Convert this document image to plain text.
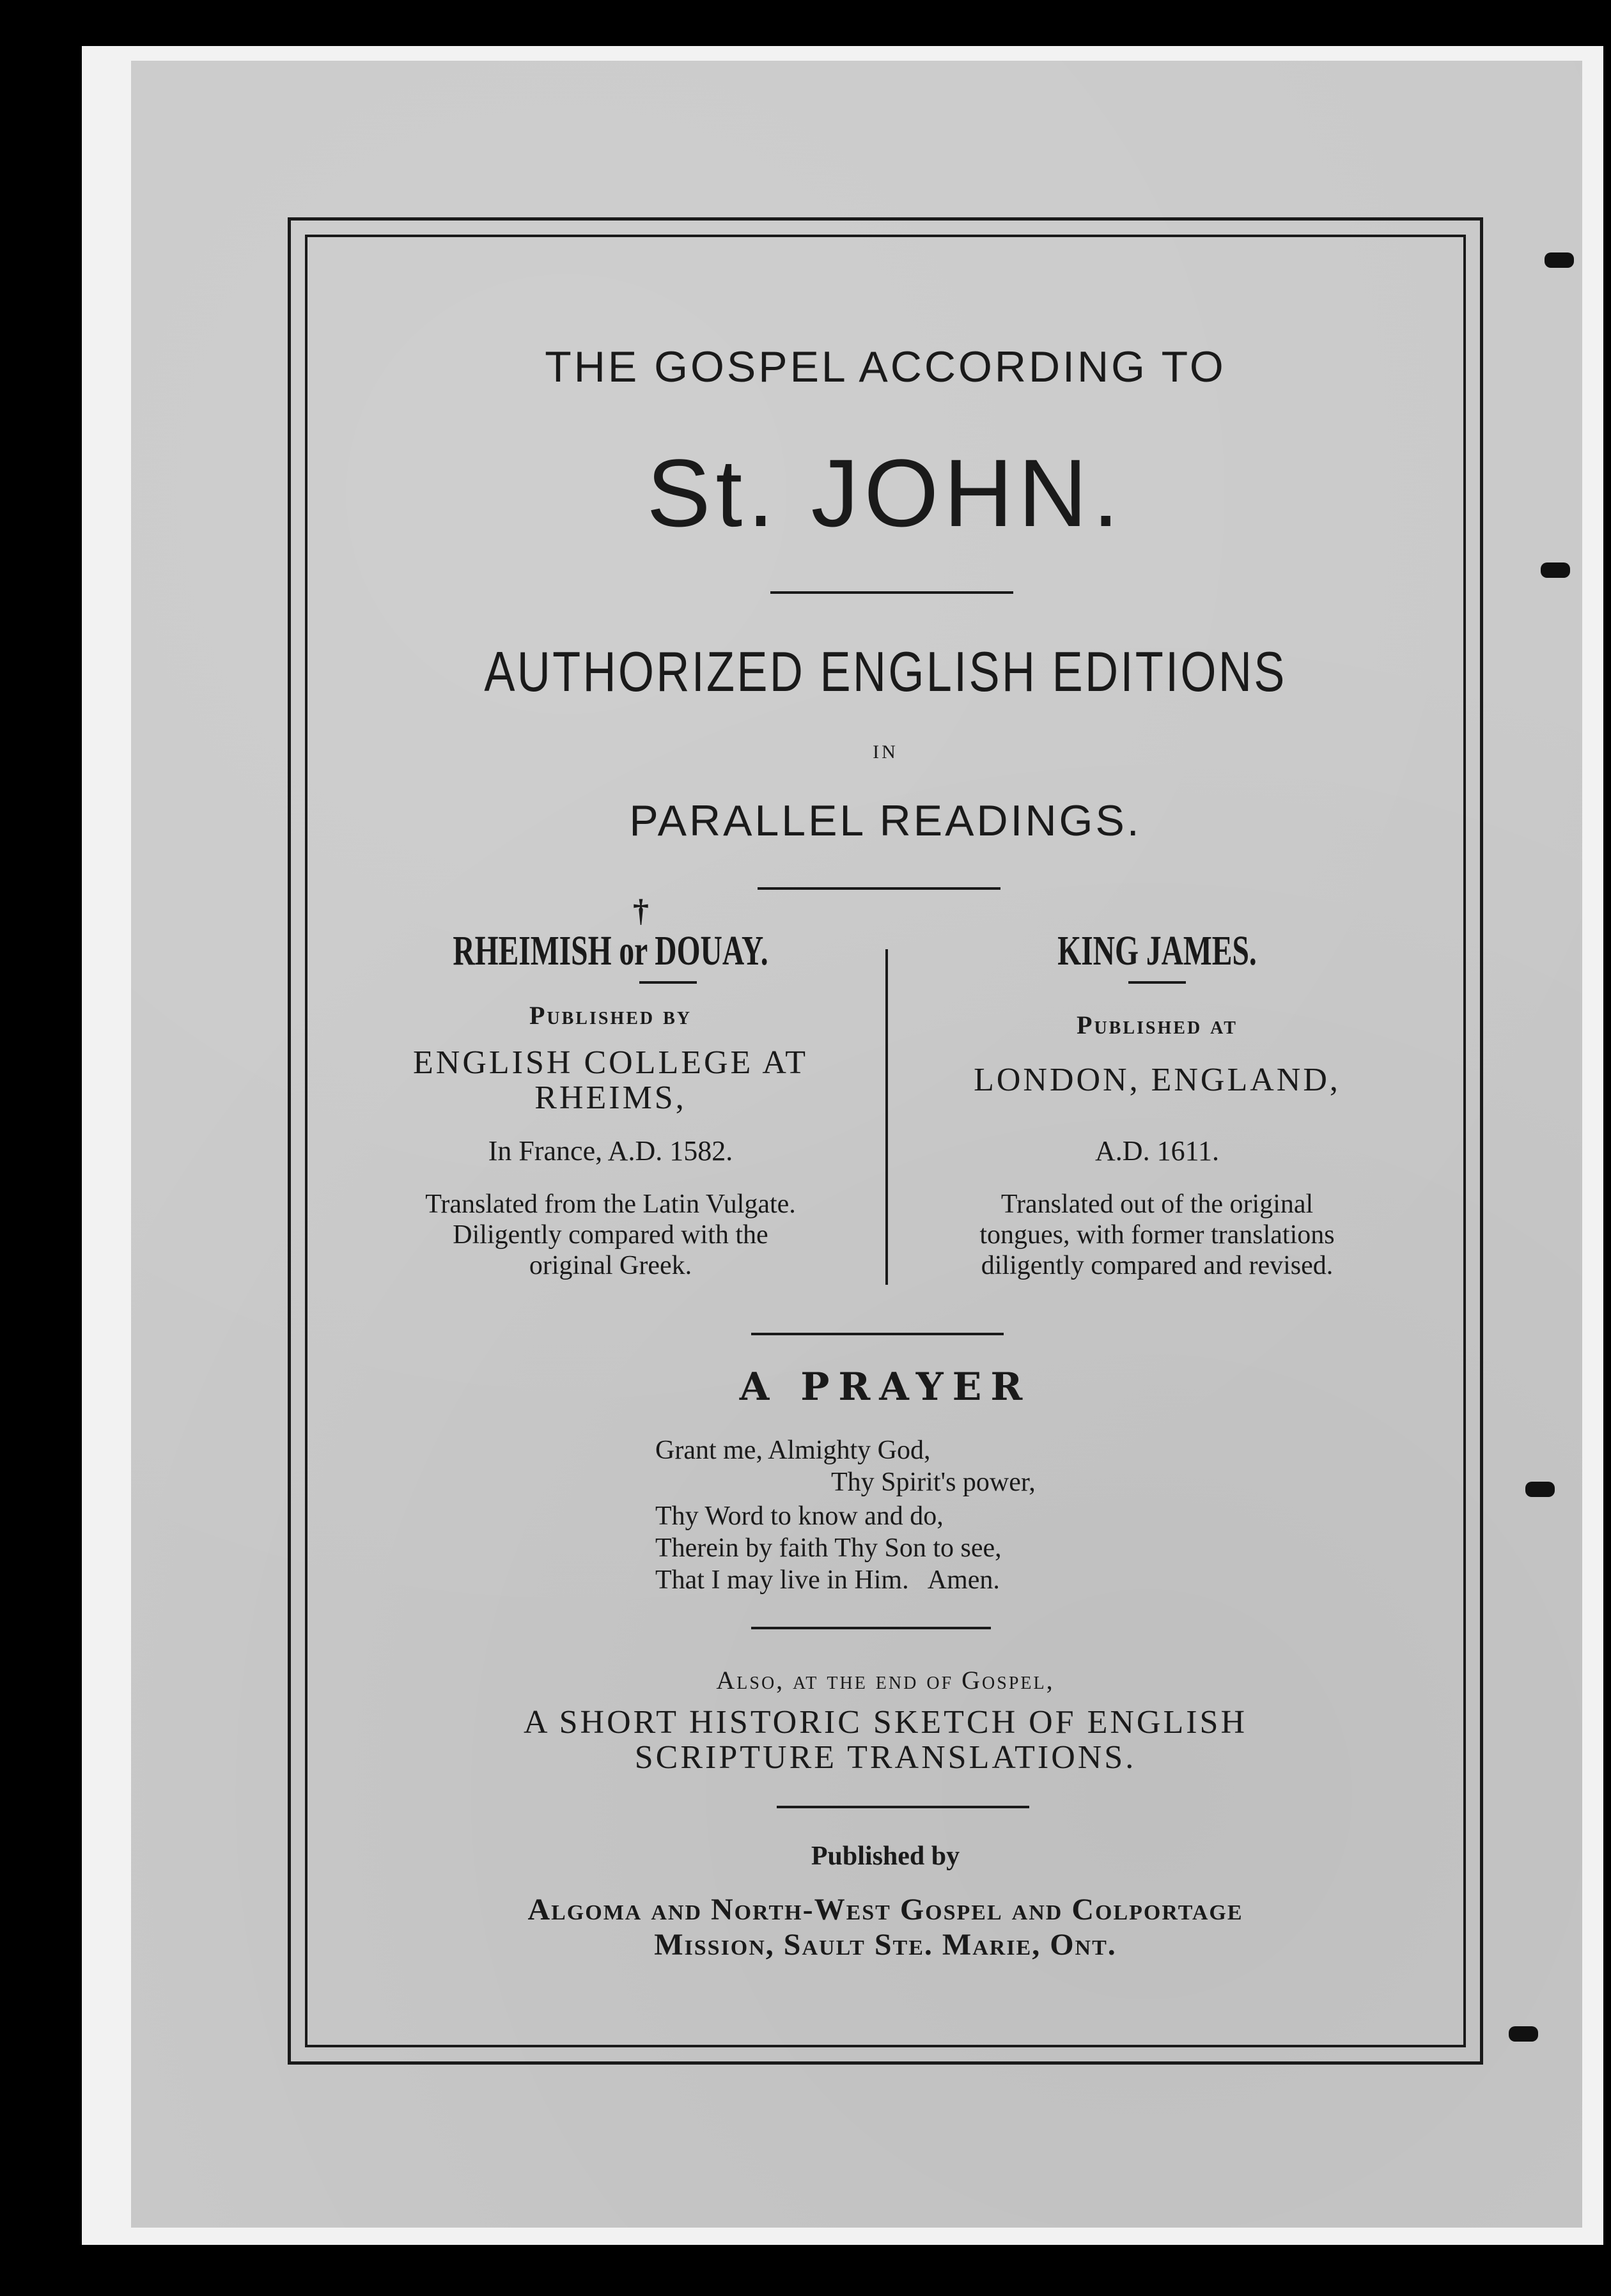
THE GOSPEL ACCORDING TO
St. JOHN.
AUTHORIZED ENGLISH EDITIONS
IN
PARALLEL READINGS.
†
RHEIMISH or DOUAY.
Published by
ENGLISH COLLEGE AT
RHEIMS,
In France, A.D. 1582.
Translated from the Latin Vulgate.
Diligently compared with the
original Greek.
KING JAMES.
Published at
LONDON, ENGLAND,
A.D. 1611.
Translated out of the original
tongues, with former translations
diligently compared and revised.
A PRAYER
Grant me, Almighty God,
Thy Spirit's power,
Thy Word to know and do,
Therein by faith Thy Son to see,
That I may live in Him.   Amen.
Also, at the end of Gospel,
A SHORT HISTORIC SKETCH OF ENGLISH
SCRIPTURE TRANSLATIONS.
Published by
Algoma and North-West Gospel and Colportage
Mission, Sault Ste. Marie, Ont.
